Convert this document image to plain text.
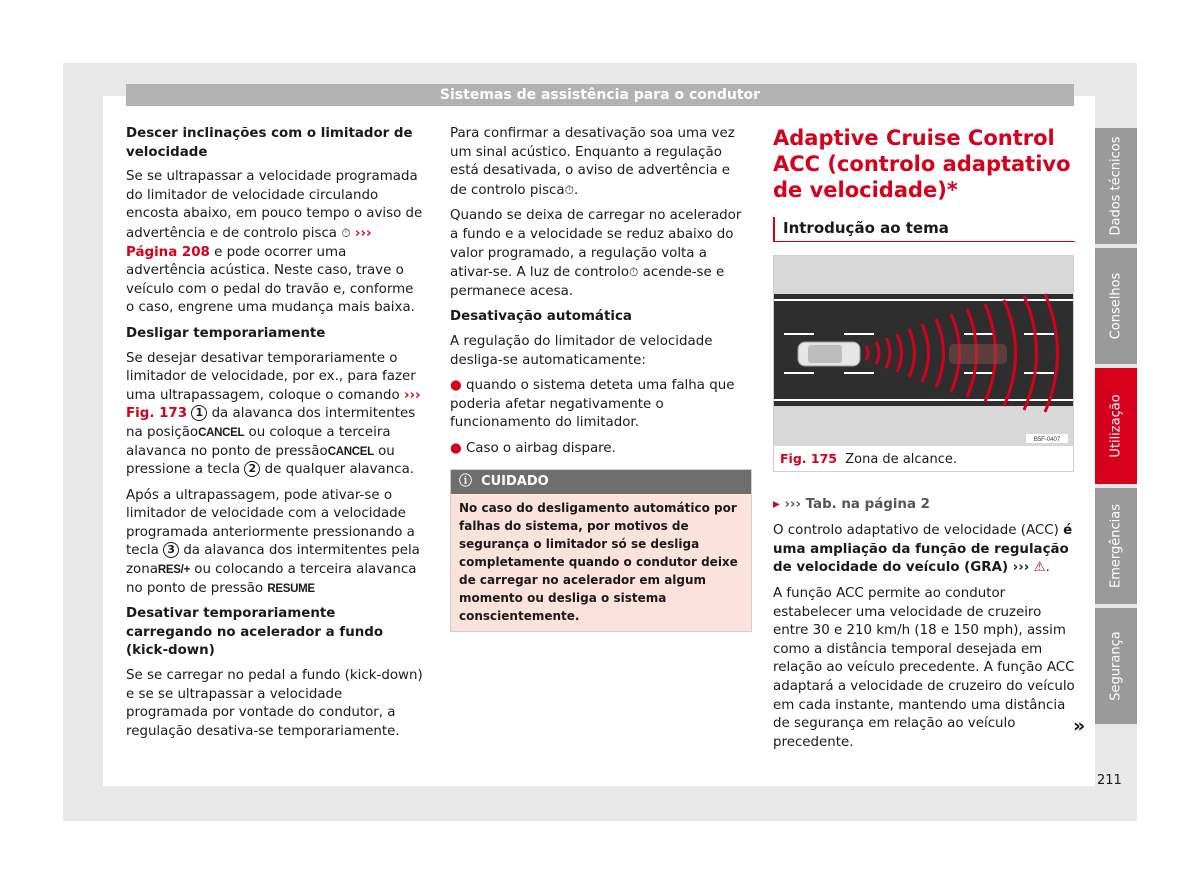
Sistemas de assistência para o condutor
Descer inclinações com o limitador de velocidade

Se se ultrapassar a velocidade programada do limitador de velocidade circulando encosta abaixo, em pouco tempo o aviso de advertência e de controlo pisca ⏱ ››› Página 208 e pode ocorrer uma advertência acústica. Neste caso, trave o veículo com o pedal do travão e, conforme o caso, engrene uma mudança mais baixa.

Desligar temporariamente

Se desejar desativar temporariamente o limitador de velocidade, por ex., para fazer uma ultrapassagem, coloque o comando ››› Fig. 173 1 da alavanca dos intermitentes na posiçãoCANCEL ou coloque a terceira alavanca no ponto de pressãoCANCEL ou pressione a tecla 2 de qualquer alavanca.

Após a ultrapassagem, pode ativar-se o limitador de velocidade com a velocidade programada anteriormente pressionando a tecla 3 da alavanca dos intermitentes pela zonaRES/+ ou colocando a terceira alavanca no ponto de pressão RESUME

Desativar temporariamente carregando no acelerador a fundo (kick-down)

Se se carregar no pedal a fundo (kick-down) e se se ultrapassar a velocidade programada por vontade do condutor, a regulação desativa-se temporariamente.

Para confirmar a desativação soa uma vez um sinal acústico. Enquanto a regulação está desativada, o aviso de advertência e de controlo pisca⏱.

Quando se deixa de carregar no acelerador a fundo e a velocidade se reduz abaixo do valor programado, a regulação volta a ativar-se. A luz de controlo⏱ acende-se e permanece acesa.

Desativação automática

A regulação do limitador de velocidade desliga-se automaticamente:

● quando o sistema deteta uma falha que poderia afetar negativamente o funcionamento do limitador.

● Caso o airbag dispare.

ⓘ CUIDADO
No caso do desligamento automático por falhas do sistema, por motivos de segurança o limitador só se desliga completamente quando o condutor deixe de carregar no acelerador em algum momento ou desliga o sistema conscientemente.
Adaptive Cruise Control ACC (controlo adaptativo de velocidade)*
Introdução ao tema
B5F-0407
Fig. 175 Zona de alcance.
▸ ››› Tab. na página 2

O controlo adaptativo de velocidade (ACC) é uma ampliação da função de regulação de velocidade do veículo (GRA) ››› ⚠.

A função ACC permite ao condutor estabelecer uma velocidade de cruzeiro entre 30 e 210 km/h (18 e 150 mph), assim como a distância temporal desejada em relação ao veículo precedente. A função ACC adaptará a velocidade de cruzeiro do veículo em cada instante, mantendo uma distância de segurança em relação ao veículo precedente.

»
Dados técnicos
Conselhos
Utilização
Emergências
Segurança
211
